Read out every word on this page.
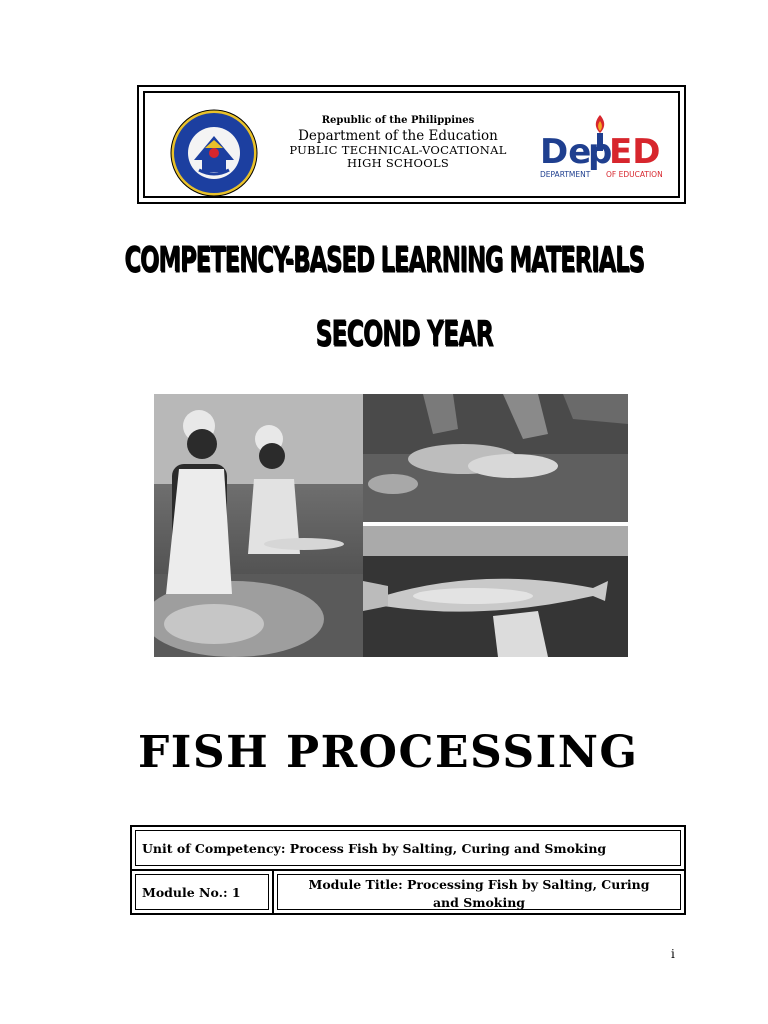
Republic of the Philippines
Department of the Education
PUBLIC TECHNICAL-VOCATIONAL
HIGH SCHOOLS	De
p
ED
DEPARTMENT OF EDUCATION
COMPETENCY-BASED LEARNING MATERIALS
SECOND YEAR
FISH PROCESSING
Unit of Competency: Process Fish by Salting, Curing and Smoking
Module No.: 1	Module Title: Processing Fish by Salting, Curing
and Smoking
i
